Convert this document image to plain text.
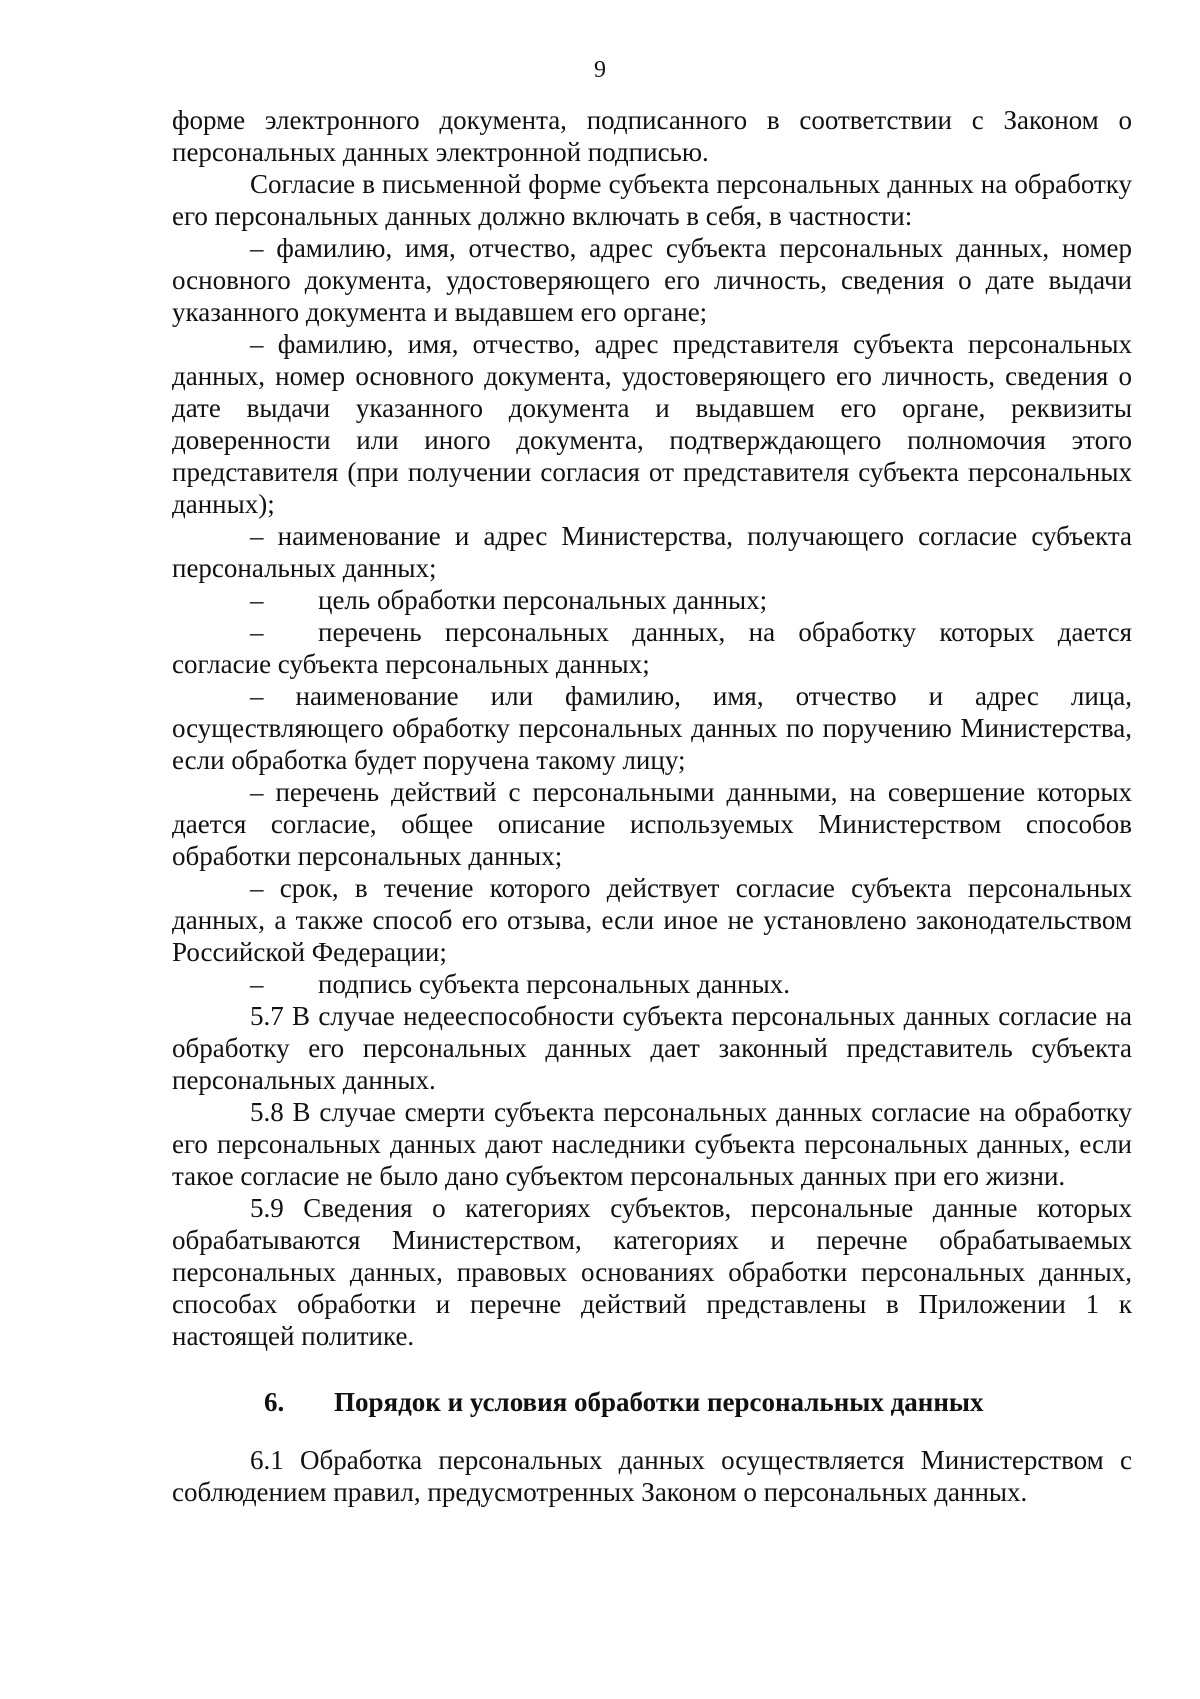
9

форме электронного документа, подписанного в соответствии с Законом о персональных данных электронной подписью.

Согласие в письменной форме субъекта персональных данных на обработку его персональных данных должно включать в себя, в частности:

– фамилию, имя, отчество, адрес субъекта персональных данных, номер основного документа, удостоверяющего его личность, сведения о дате выдачи указанного документа и выдавшем его органе;

– фамилию, имя, отчество, адрес представителя субъекта персональных данных, номер основного документа, удостоверяющего его личность, сведения о дате выдачи указанного документа и выдавшем его органе, реквизиты доверенности или иного документа, подтверждающего полномочия этого представителя (при получении согласия от представителя субъекта персональных данных);

– наименование и адрес Министерства, получающего согласие субъекта персональных данных;

– цель обработки персональных данных;

– перечень персональных данных, на обработку которых дается согласие субъекта персональных данных;

– наименование или фамилию, имя, отчество и адрес лица, осуществляющего обработку персональных данных по поручению Министерства, если обработка будет поручена такому лицу;

– перечень действий с персональными данными, на совершение которых дается согласие, общее описание используемых Министерством способов обработки персональных данных;

– срок, в течение которого действует согласие субъекта персональных данных, а также способ его отзыва, если иное не установлено законодательством Российской Федерации;

– подпись субъекта персональных данных.

5.7 В случае недееспособности субъекта персональных данных согласие на обработку его персональных данных дает законный представитель субъекта персональных данных.

5.8 В случае смерти субъекта персональных данных согласие на обработку его персональных данных дают наследники субъекта персональных данных, если такое согласие не было дано субъектом персональных данных при его жизни.

5.9 Сведения о категориях субъектов, персональные данные которых обрабатываются Министерством, категориях и перечне обрабатываемых персональных данных, правовых основаниях обработки персональных данных, способах обработки и перечне действий представлены в Приложении 1 к настоящей политике.

6. Порядок и условия обработки персональных данных

6.1 Обработка персональных данных осуществляется Министерством с соблюдением правил, предусмотренных Законом о персональных данных.
